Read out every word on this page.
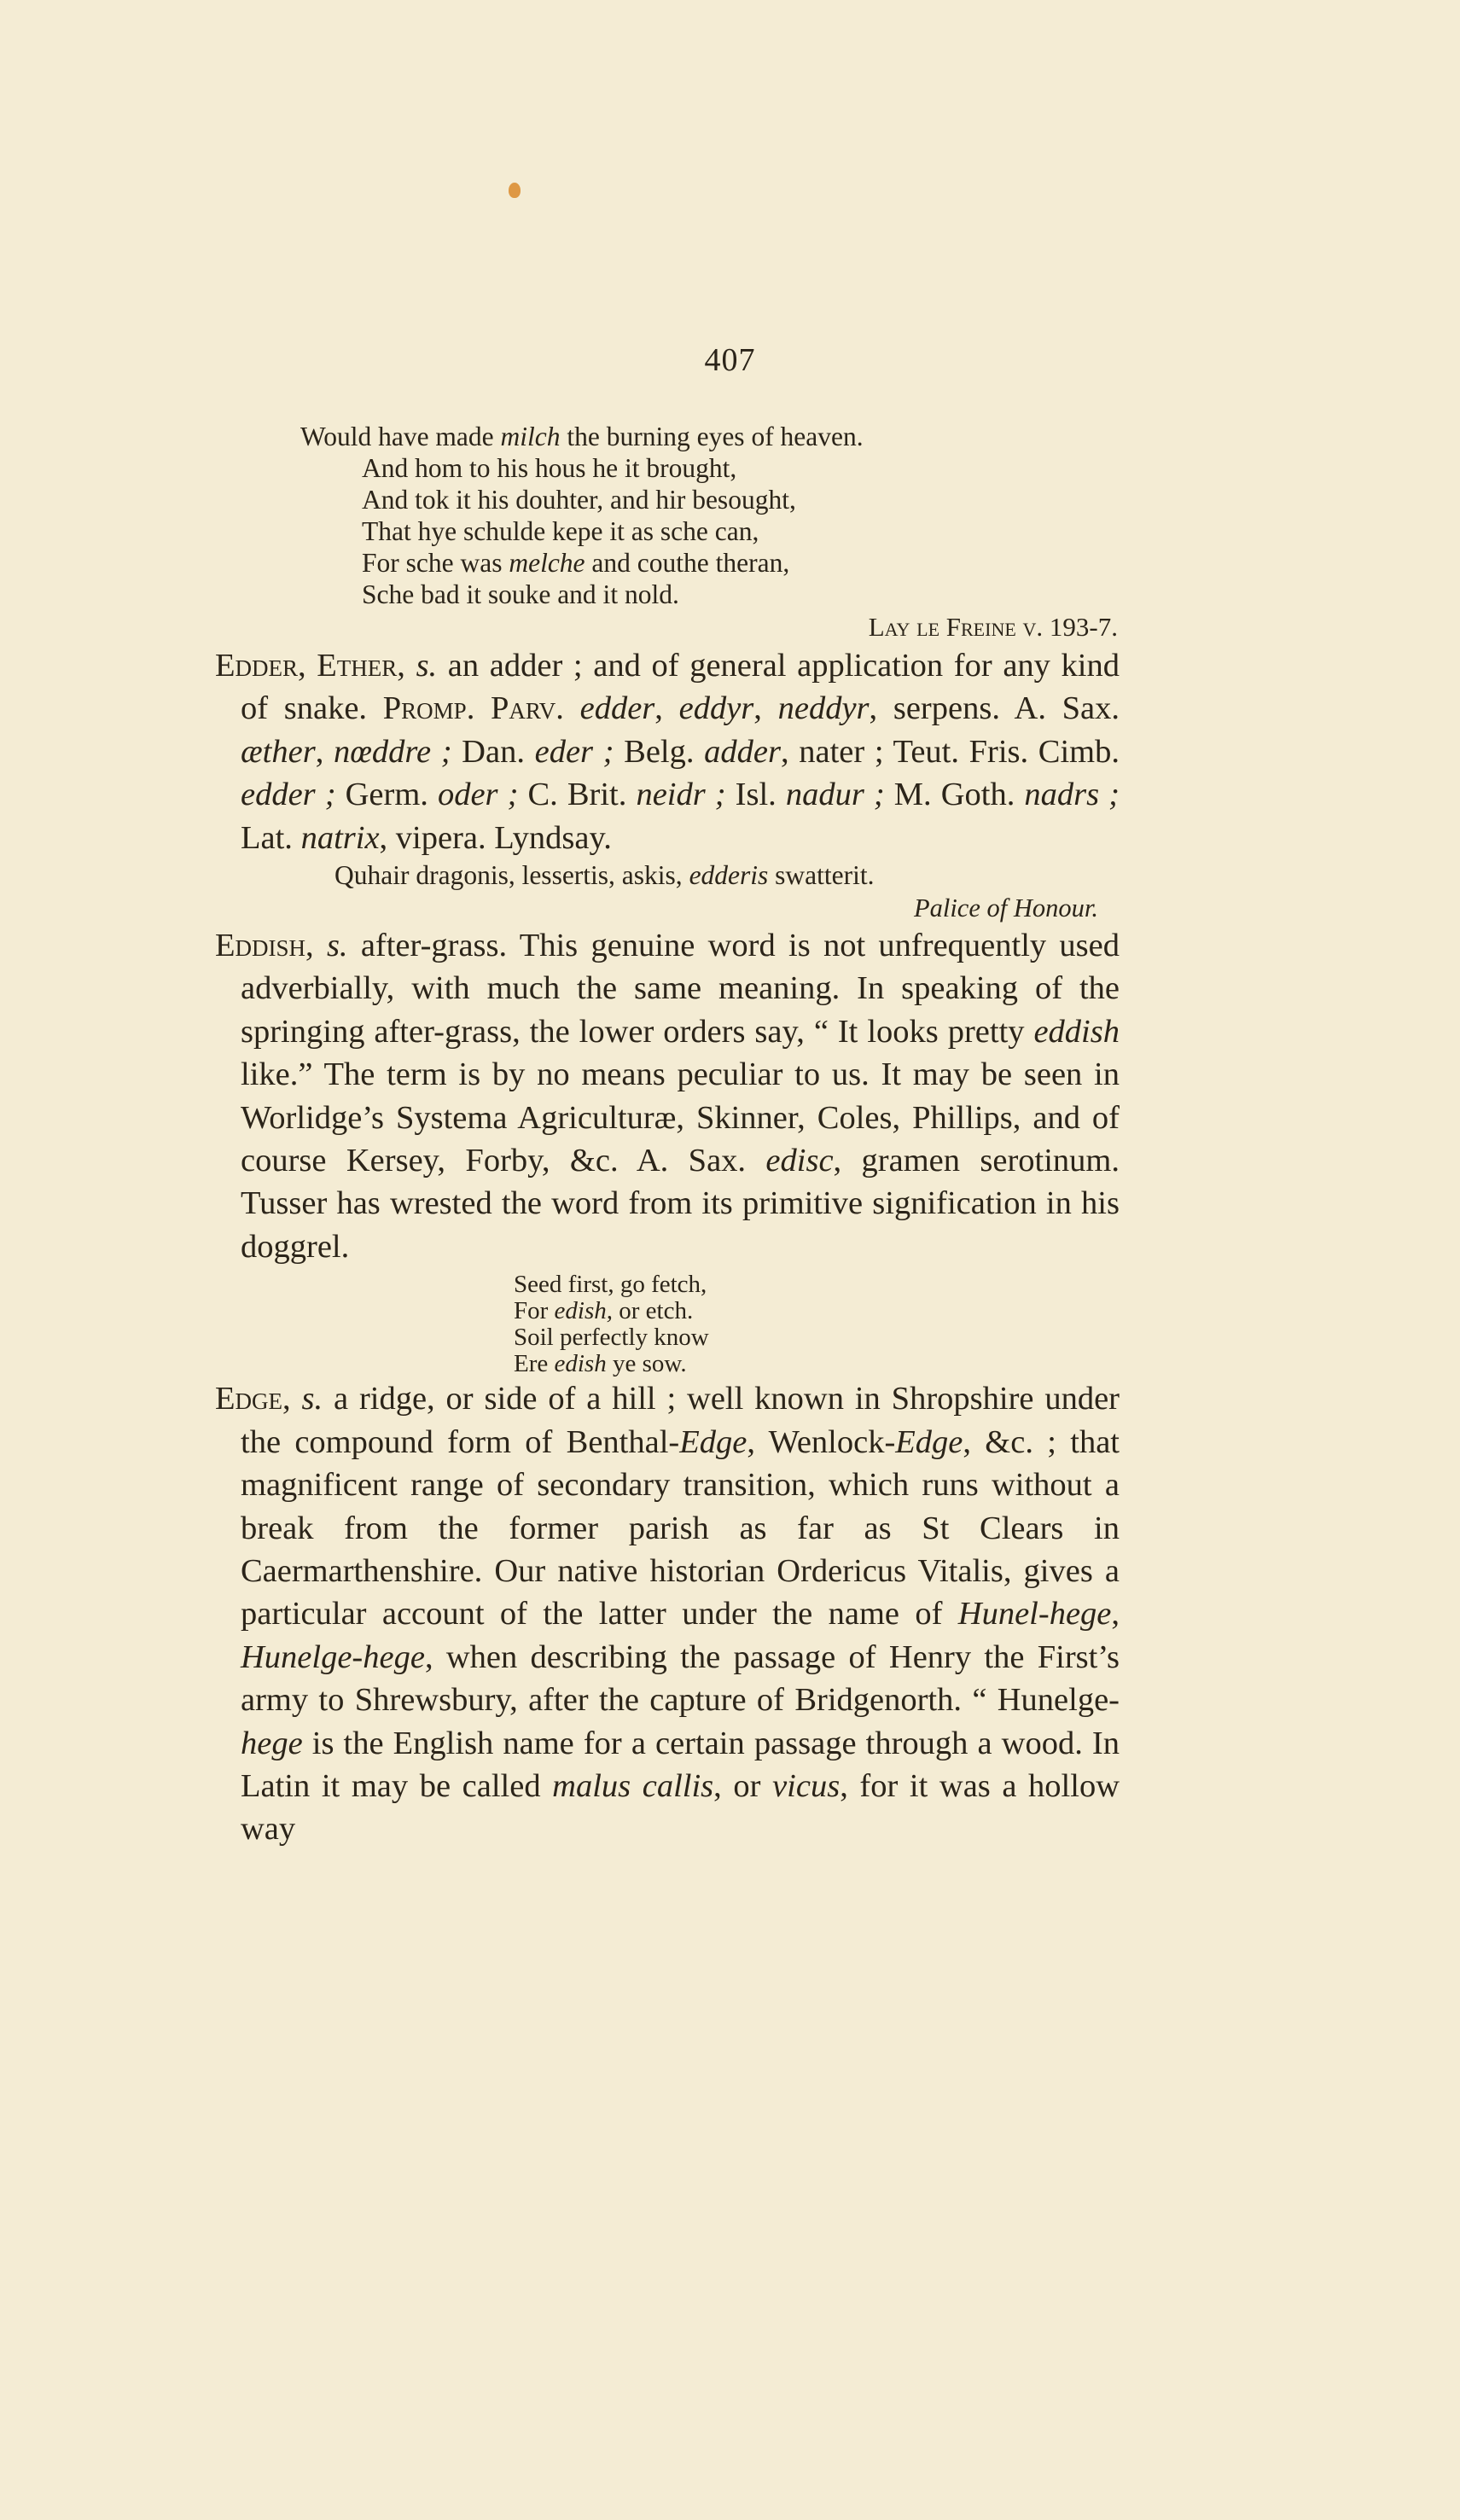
407
Would have made milch the burning eyes of heaven.
And hom to his hous he it brought,
And tok it his douhter, and hir besought,
That hye schulde kepe it as sche can,
For sche was melche and couthe theran,
Sche bad it souke and it nold.
Lay le Freine v. 193-7.
Edder, Ether, s. an adder ; and of general application for any kind of snake. Promp. Parv. edder, eddyr, neddyr, serpens. A. Sax. æther, nœddre ; Dan. eder ; Belg. adder, nater ; Teut. Fris. Cimb. edder ; Germ. oder ; C. Brit. neidr ; Isl. nadur ; M. Goth. nadrs ; Lat. natrix, vipera. Lyndsay.
Quhair dragonis, lessertis, askis, edderis swatterit.
Palice of Honour.
Eddish, s. after-grass. This genuine word is not unfrequently used adverbially, with much the same meaning. In speaking of the springing after-grass, the lower orders say, “ It looks pretty eddish like.” The term is by no means peculiar to us. It may be seen in Worlidge’s Systema Agriculturæ, Skinner, Coles, Phillips, and of course Kersey, Forby, &c. A. Sax. edisc, gramen serotinum. Tusser has wrested the word from its primitive signification in his doggrel.
Seed first, go fetch,
For edish, or etch.
Soil perfectly know
Ere edish ye sow.
Edge, s. a ridge, or side of a hill ; well known in Shropshire under the compound form of Benthal-Edge, Wenlock-Edge, &c. ; that magnificent range of secondary transition, which runs without a break from the former parish as far as St Clears in Caermarthenshire. Our native historian Ordericus Vitalis, gives a particular account of the latter under the name of Hunel-hege, Hunelge-hege, when describing the passage of Henry the First’s army to Shrewsbury, after the capture of Bridgenorth. “ Hunelge-hege is the English name for a certain passage through a wood. In Latin it may be called malus callis, or vicus, for it was a hollow way
